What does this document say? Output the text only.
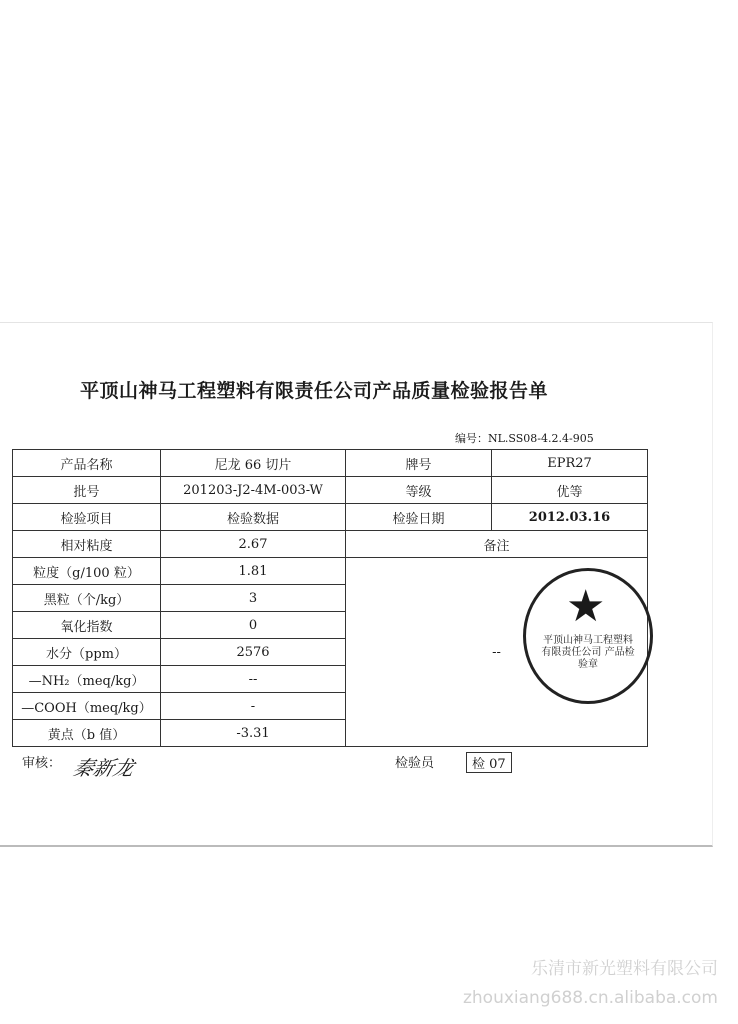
平顶山神马工程塑料有限责任公司产品质量检验报告单
编号：NL.SS08-4.2.4-905
产品名称	尼龙 66 切片	牌号	EPR27
批号	201203-J2-4M-003-W	等级	优等
检验项目	检验数据	检验日期	2012.03.16
相对粘度	2.67	备注	
粒度（g/100 粒）	1.81	--	
黑粒（个/kg）	3		
氧化指数	0		
水分（ppm）	2576		
—NH₂（meq/kg）	--		
—COOH（meq/kg）	-		
黄点（b 值）	-3.31		
★
平顶山神马工程塑料有限责任公司 产品检验章
审核： 秦新龙	检验员	检 07
乐清市新光塑料有限公司
zhouxiang688.cn.alibaba.com
